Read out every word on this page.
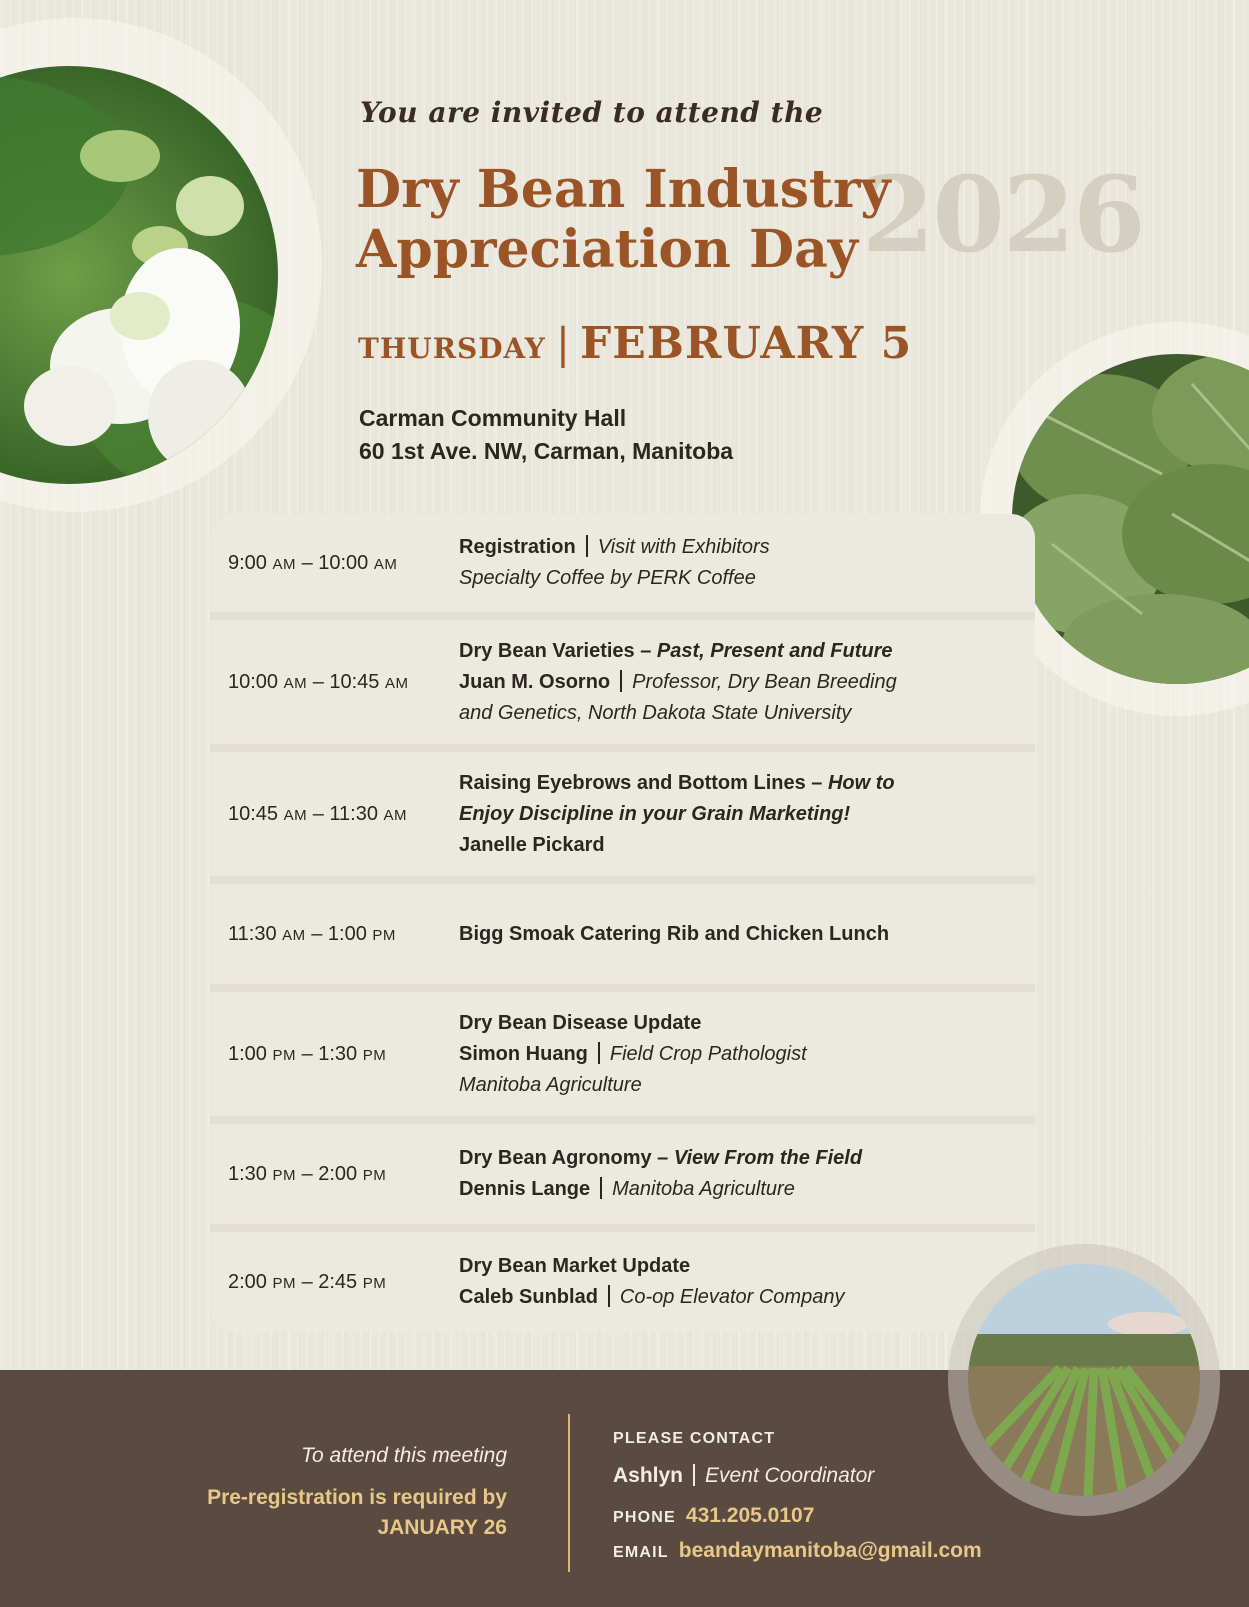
You are invited to attend the

2026
Dry Bean Industry
Appreciation Day
THURSDAY | FEBRUARY 5
Carman Community Hall
60 1st Ave. NW, Carman, Manitoba
9:00 AM – 10:00 AM
Registration Visit with Exhibitors
Specialty Coffee by PERK Coffee
10:00 AM – 10:45 AM
Dry Bean Varieties – Past, Present and Future
Juan M. Osorno Professor, Dry Bean Breeding
and Genetics, North Dakota State University
10:45 AM – 11:30 AM
Raising Eyebrows and Bottom Lines – How to
Enjoy Discipline in your Grain Marketing!
Janelle Pickard
11:30 AM – 1:00 PM	Bigg Smoak Catering Rib and Chicken Lunch
1:00 PM – 1:30 PM
Dry Bean Disease Update
Simon Huang Field Crop Pathologist
Manitoba Agriculture
1:30 PM – 2:00 PM
Dry Bean Agronomy – View From the Field
Dennis Lange Manitoba Agriculture
2:00 PM – 2:45 PM
Dry Bean Market Update
Caleb Sunblad Co-op Elevator Company
To attend this meeting
Pre-registration is required by
JANUARY 26
PLEASE CONTACT
Ashlyn Event Coordinator
PHONE 431.205.0107
EMAIL beandaymanitoba@gmail.com
